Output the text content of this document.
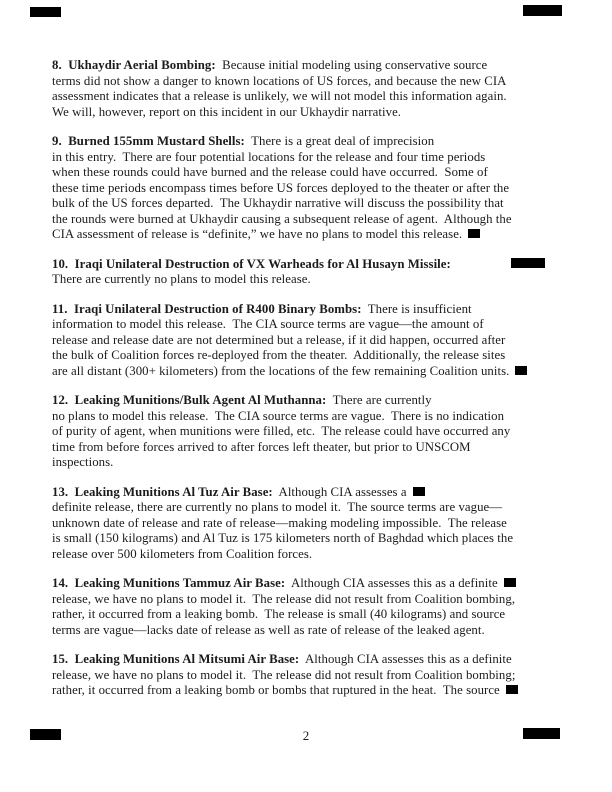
8.  Ukhaydir Aerial Bombing:  Because initial modeling using conservative source
terms did not show a danger to known locations of US forces, and because the new CIA
assessment indicates that a release is unlikely, we will not model this information again.
We will, however, report on this incident in our Ukhaydir narrative.

9.  Burned 155mm Mustard Shells:  There is a great deal of imprecision
in this entry.  There are four potential locations for the release and four time periods
when these rounds could have burned and the release could have occurred.  Some of
these time periods encompass times before US forces deployed to the theater or after the
bulk of the US forces departed.  The Ukhaydir narrative will discuss the possibility that
the rounds were burned at Ukhaydir causing a subsequent release of agent.  Although the
CIA assessment of release is “definite,” we have no plans to model this release.

10.  Iraqi Unilateral Destruction of VX Warheads for Al Husayn Missile:
There are currently no plans to model this release.

11.  Iraqi Unilateral Destruction of R400 Binary Bombs:  There is insufficient
information to model this release.  The CIA source terms are vague—the amount of
release and release date are not determined but a release, if it did happen, occurred after
the bulk of Coalition forces re-deployed from the theater.  Additionally, the release sites
are all distant (300+ kilometers) from the locations of the few remaining Coalition units.

12.  Leaking Munitions/Bulk Agent Al Muthanna:  There are currently
no plans to model this release.  The CIA source terms are vague.  There is no indication
of purity of agent, when munitions were filled, etc.  The release could have occurred any
time from before forces arrived to after forces left theater, but prior to UNSCOM
inspections.

13.  Leaking Munitions Al Tuz Air Base:  Although CIA assesses a
definite release, there are currently no plans to model it.  The source terms are vague—
unknown date of release and rate of release—making modeling impossible.  The release
is small (150 kilograms) and Al Tuz is 175 kilometers north of Baghdad which places the
release over 500 kilometers from Coalition forces.

14.  Leaking Munitions Tammuz Air Base:  Although CIA assesses this as a definite
release, we have no plans to model it.  The release did not result from Coalition bombing,
rather, it occurred from a leaking bomb.  The release is small (40 kilograms) and source
terms are vague—lacks date of release as well as rate of release of the leaked agent.

15.  Leaking Munitions Al Mitsumi Air Base:  Although CIA assesses this as a definite
release, we have no plans to model it.  The release did not result from Coalition bombing;
rather, it occurred from a leaking bomb or bombs that ruptured in the heat.  The source

2
